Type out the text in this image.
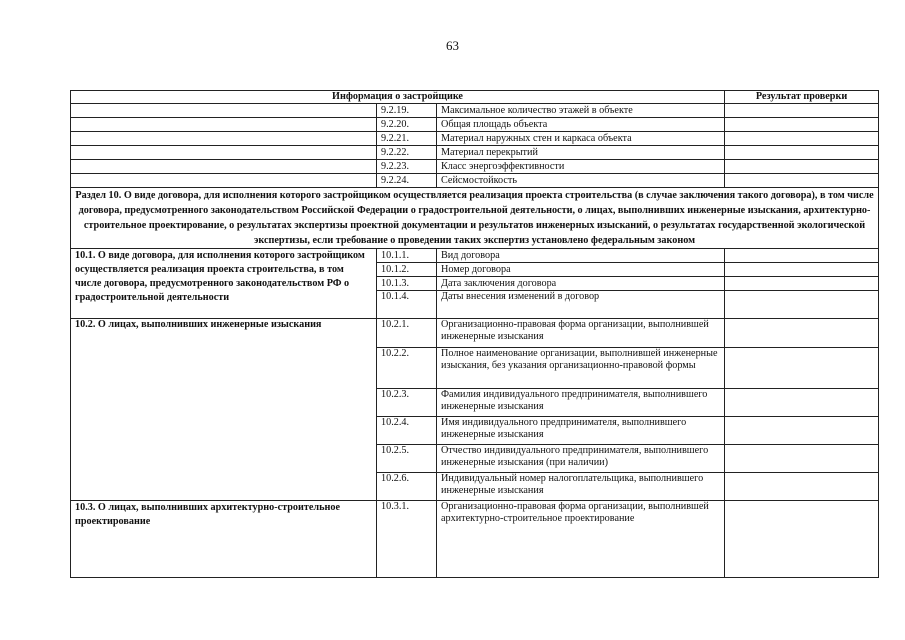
63
Информация о застройщике			Результат проверки
	9.2.19.	Максимальное количество этажей в объекте	
	9.2.20.	Общая площадь объекта	
	9.2.21.	Материал наружных стен и каркаса объекта	
	9.2.22.	Материал перекрытий	
	9.2.23.	Класс энергоэффективности	
	9.2.24.	Сейсмостойкость	
Раздел 10. О виде договора, для исполнения которого застройщиком осуществляется реализация проекта строительства (в случае заключения такого договора), в том числе договора, предусмотренного законодательством Российской Федерации о градостроительной деятельности, о лицах, выполнивших инженерные изыскания, архитектурно-строительное проектирование, о результатах экспертизы проектной документации и результатов инженерных изысканий, о результатах государственной экологической экспертизы, если требование о проведении таких экспертиз установлено федеральным законом			
10.1. О виде договора, для исполнения которого застройщиком осуществляется реализация проекта строительства, в том числе договора, предусмотренного законодательством РФ о градостроительной деятельности	10.1.1.	Вид договора	
	10.1.2.	Номер договора	
	10.1.3.	Дата заключения договора	
	10.1.4.	Даты внесения изменений в договор	
10.2. О лицах, выполнивших инженерные изыскания	10.2.1.	Организационно-правовая форма организации, выполнившей инженерные изыскания	
	10.2.2.	Полное наименование организации, выполнившей инженерные изыскания, без указания организационно-правовой формы	
	10.2.3.	Фамилия индивидуального предпринимателя, выполнившего инженерные изыскания	
	10.2.4.	Имя индивидуального предпринимателя, выполнившего инженерные изыскания	
	10.2.5.	Отчество индивидуального предпринимателя, выполнившего инженерные изыскания (при наличии)	
	10.2.6.	Индивидуальный номер налогоплательщика, выполнившего инженерные изыскания	
10.3. О лицах, выполнивших архитектурно-строительное проектирование	10.3.1.	Организационно-правовая форма организации, выполнившей архитектурно-строительное проектирование	
